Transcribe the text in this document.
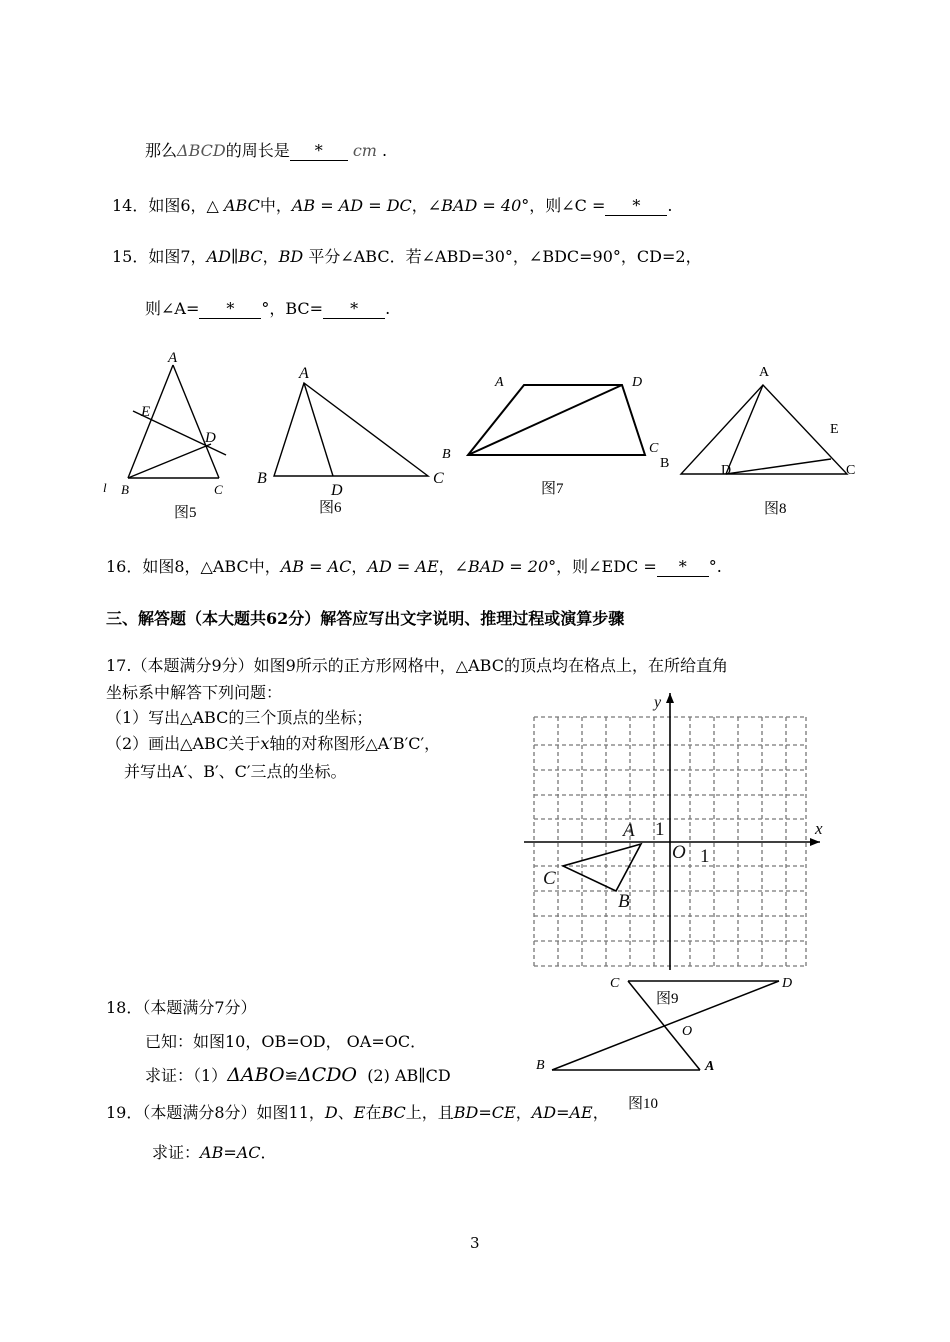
那么ΔBCD的周长是 * cm .
14．如图6，△ ABC中，AB = AD = DC，∠BAD = 40°，则∠C = * .
15．如图7，AD∥BC，BD 平分∠ABC．若∠ABD=30°，∠BDC=90°，CD=2，
则∠A= * °，BC= * .
A
E
D
l B	C
图5
A
B	C
D
图6
A	D
B	C
图7
A
E
B	D	C
图8
16．如图8，△ABC中，AB = AC，AD = AE，∠BAD = 20°，则∠EDC = * °.
三、解答题（本大题共62分）解答应写出文字说明、推理过程或演算步骤
17.（本题满分9分）如图9所示的正方形网格中，△ABC的顶点均在格点上，在所给直角
坐标系中解答下列问题：
（1）写出△ABC的三个顶点的坐标；
（2）画出△ABC关于x轴的对称图形△A′B′C′，
并写出A′、B′、C′三点的坐标。
y
x
O
1
1
A
C
B
图9
C	D
O
B	A
图10
18．（本题满分7分）
已知：如图10，OB=OD， OA=OC．
求证：（1）ΔABO≌ΔCDO (2) AB∥CD
19．（本题满分8分）如图11，D、E在BC上，且BD=CE，AD=AE，
求证：AB=AC．
3
